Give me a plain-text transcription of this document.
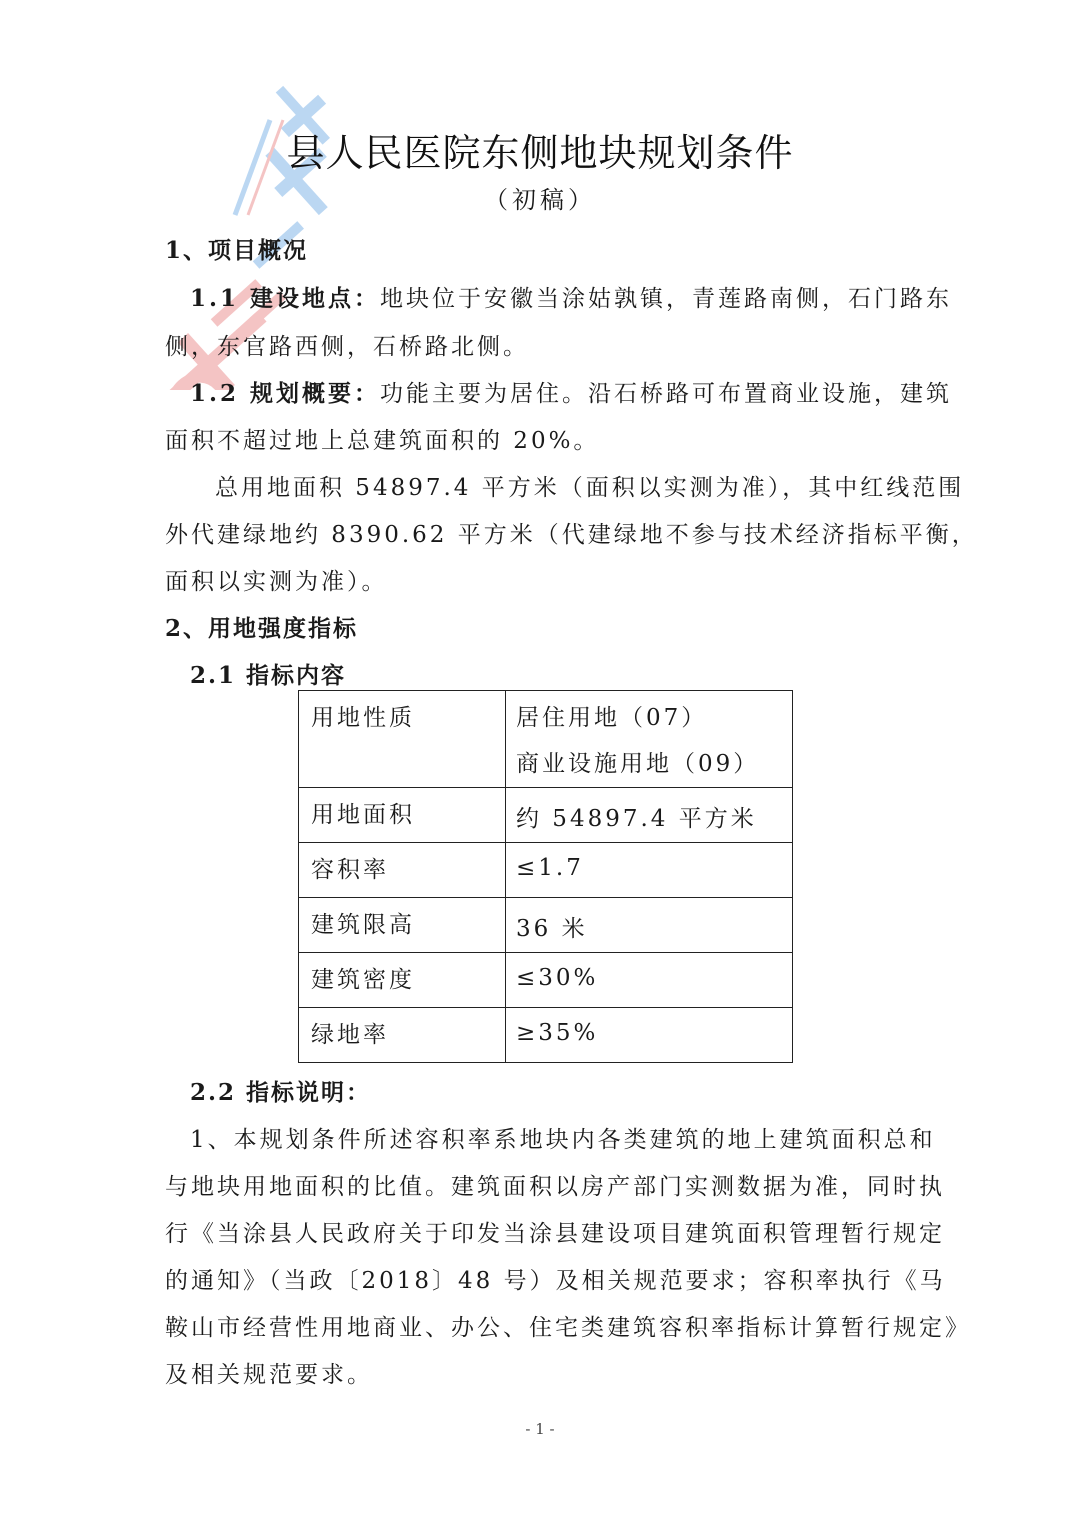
县人民医院东侧地块规划条件
（初稿）
1、项目概况
1.1 建设地点：地块位于安徽当涂姑孰镇，青莲路南侧，石门路东
侧，东官路西侧，石桥路北侧。
1.2 规划概要：功能主要为居住。沿石桥路可布置商业设施，建筑
面积不超过地上总建筑面积的 20%。
总用地面积 54897.4 平方米（面积以实测为准），其中红线范围
外代建绿地约 8390.62 平方米（代建绿地不参与技术经济指标平衡，
面积以实测为准）。
2、用地强度指标
2.1 指标内容
用地性质	居住用地（07）
商业设施用地（09）

用地面积	约 54897.4 平方米
容积率	≤1.7
建筑限高	36 米
建筑密度	≤30%
绿地率	≥35%
2.2 指标说明：
1、本规划条件所述容积率系地块内各类建筑的地上建筑面积总和
与地块用地面积的比值。建筑面积以房产部门实测数据为准，同时执
行《当涂县人民政府关于印发当涂县建设项目建筑面积管理暂行规定
的通知》（当政〔2018〕48 号）及相关规范要求；容积率执行《马
鞍山市经营性用地商业、办公、住宅类建筑容积率指标计算暂行规定》
及相关规范要求。
- 1 -
